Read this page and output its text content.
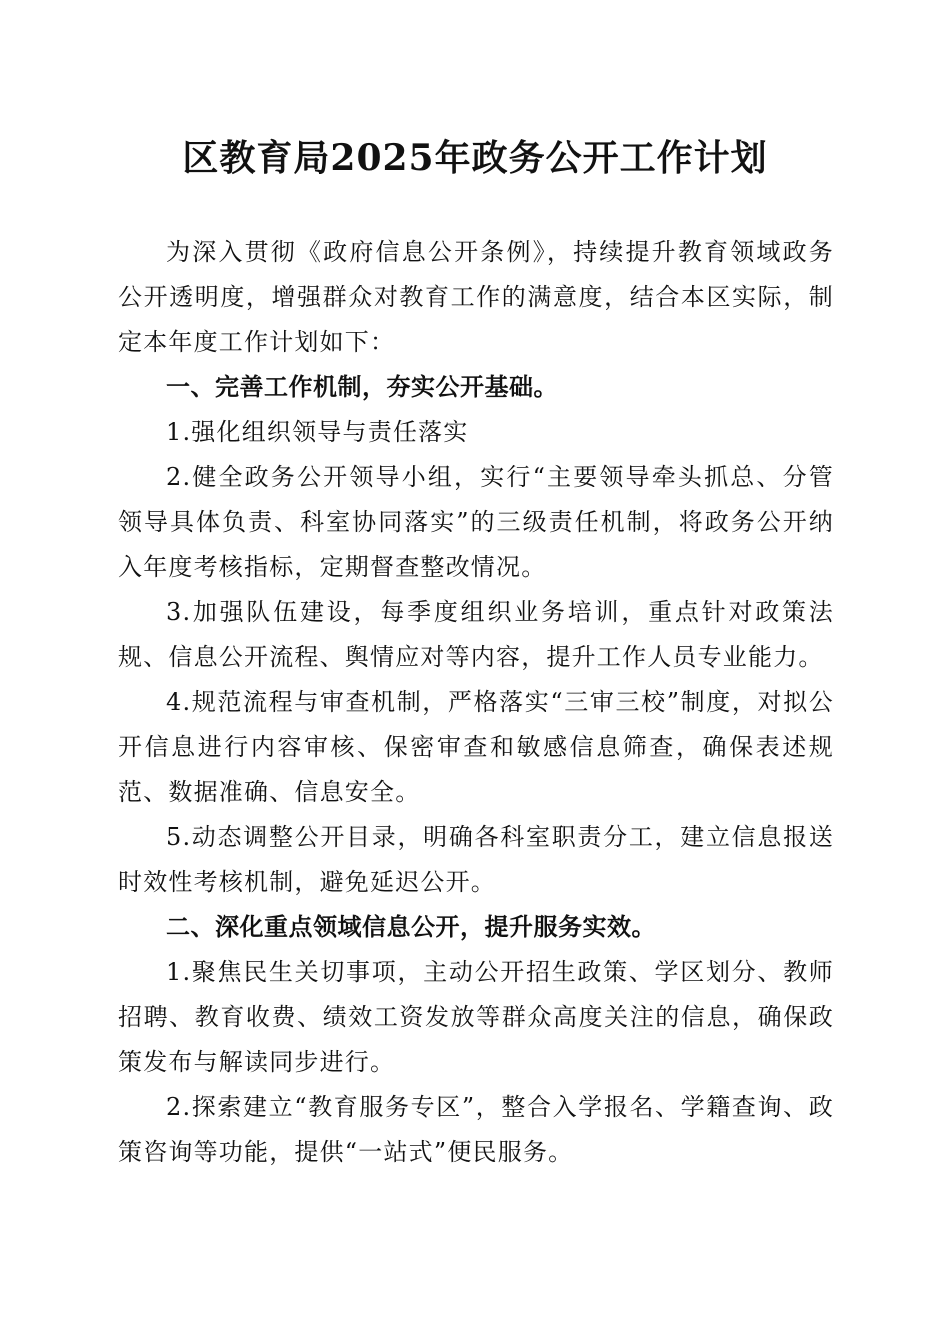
区教育局2025年政务公开工作计划

为深入贯彻《政府信息公开条例》，持续提升教育领域政务公开透明度，增强群众对教育工作的满意度，结合本区实际，制定本年度工作计划如下：

一、完善工作机制，夯实公开基础。

1.强化组织领导与责任落实

2.健全政务公开领导小组，实行“主要领导牵头抓总、分管领导具体负责、科室协同落实”的三级责任机制，将政务公开纳入年度考核指标，定期督查整改情况。

3.加强队伍建设，每季度组织业务培训，重点针对政策法规、信息公开流程、舆情应对等内容，提升工作人员专业能力。

4.规范流程与审查机制，严格落实“三审三校”制度，对拟公开信息进行内容审核、保密审查和敏感信息筛查，确保表述规范、数据准确、信息安全。

5.动态调整公开目录，明确各科室职责分工，建立信息报送时效性考核机制，避免延迟公开。

二、深化重点领域信息公开，提升服务实效。

1.聚焦民生关切事项，主动公开招生政策、学区划分、教师招聘、教育收费、绩效工资发放等群众高度关注的信息，确保政策发布与解读同步进行。

2.探索建立“教育服务专区”，整合入学报名、学籍查询、政策咨询等功能，提供“一站式”便民服务。
